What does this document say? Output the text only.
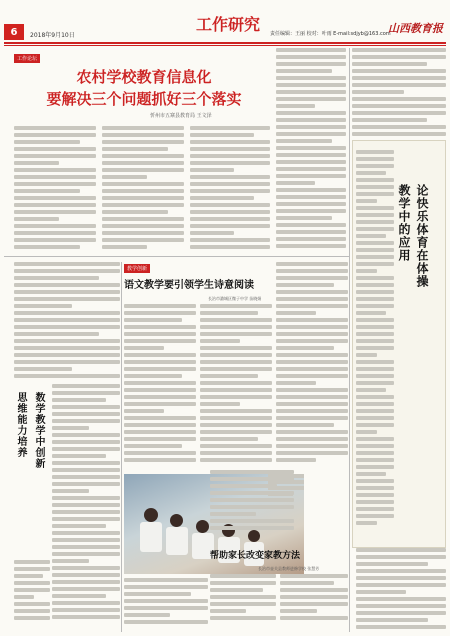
6	2018年9月10日
工作研究 责任编辑：王丽 校对：叶雨 E-mail:sdjyb@163.com
山西教育报
工作论坛
农村学校教育信息化
要解决三个问题抓好三个落实
忻州市五寨县教育局 王文泽
论快乐体育在体操
教学中的应用
数学教学中创新
思维能力培养
教学创新
语文教学要引领学生诗意阅读
长治市潞城区微子中学 苗晓娟
帮助家长改变家教方法
长治市壶关县教师进修学校 张慧芳
